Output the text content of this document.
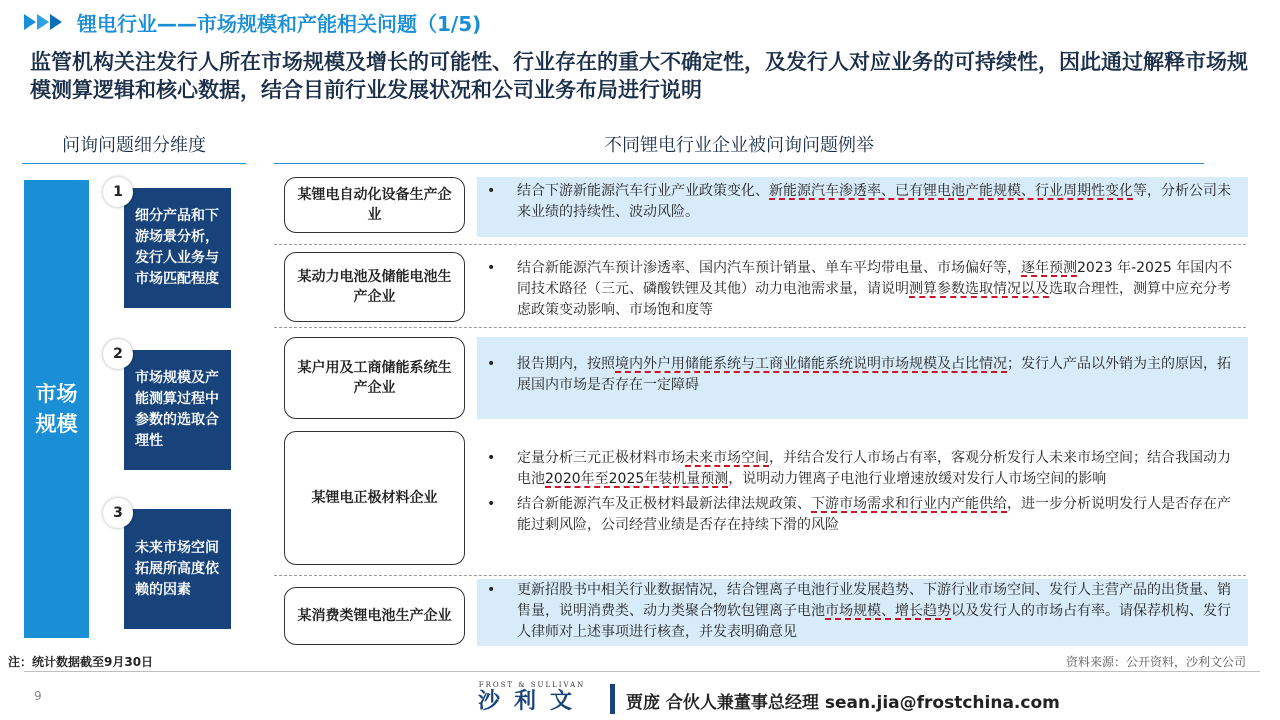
锂电行业——市场规模和产能相关问题（1/5)
监管机构关注发行人所在市场规模及增长的可能性、行业存在的重大不确定性，及发行人对应业务的可持续性，因此通过解释市场规模测算逻辑和核心数据，结合目前行业发展状况和公司业务布局进行说明
问询问题细分维度	不同锂电行业企业被问询问题例举
市场规模
1
细分产品和下游场景分析，发行人业务与市场匹配程度
2
市场规模及产能测算过程中参数的选取合理性
3
未来市场空间拓展所高度依赖的因素
某锂电自动化设备生产企业
• 结合下游新能源汽车行业产业政策变化、新能源汽车渗透率、已有锂电池产能规模、行业周期性变化等，分析公司未来业绩的持续性、波动风险。
某动力电池及储能电池生产企业
• 结合新能源汽车预计渗透率、国内汽车预计销量、单车平均带电量、市场偏好等，逐年预测2023 年-2025 年国内不同技术路径（三元、磷酸铁锂及其他）动力电池需求量，请说明测算参数选取情况以及选取合理性，测算中应充分考虑政策变动影响、市场饱和度等
某户用及工商储能系统生产企业
• 报告期内，按照境内外户用储能系统与工商业储能系统说明市场规模及占比情况；发行人产品以外销为主的原因，拓展国内市场是否存在一定障碍
某锂电正极材料企业
• 定量分析三元正极材料市场未来市场空间，并结合发行人市场占有率，客观分析发行人未来市场空间；结合我国动力电池2020年至2025年装机量预测，说明动力锂离子电池行业增速放缓对发行人市场空间的影响
• 结合新能源汽车及正极材料最新法律法规政策、下游市场需求和行业内产能供给，进一步分析说明发行人是否存在产能过剩风险，公司经营业绩是否存在持续下滑的风险
某消费类锂电池生产企业
• 更新招股书中相关行业数据情况，结合锂离子电池行业发展趋势、下游行业市场空间、发行人主营产品的出货量、销售量，说明消费类、动力类聚合物软包锂离子电池市场规模、增长趋势以及发行人的市场占有率。请保荐机构、发行人律师对上述事项进行核查，并发表明确意见
注：统计数据截至9月30日	资料来源：公开资料，沙利文公司
9
FROST & SULLIVAN
沙利文	贾庞 合伙人兼董事总经理 sean.jia@frostchina.com
